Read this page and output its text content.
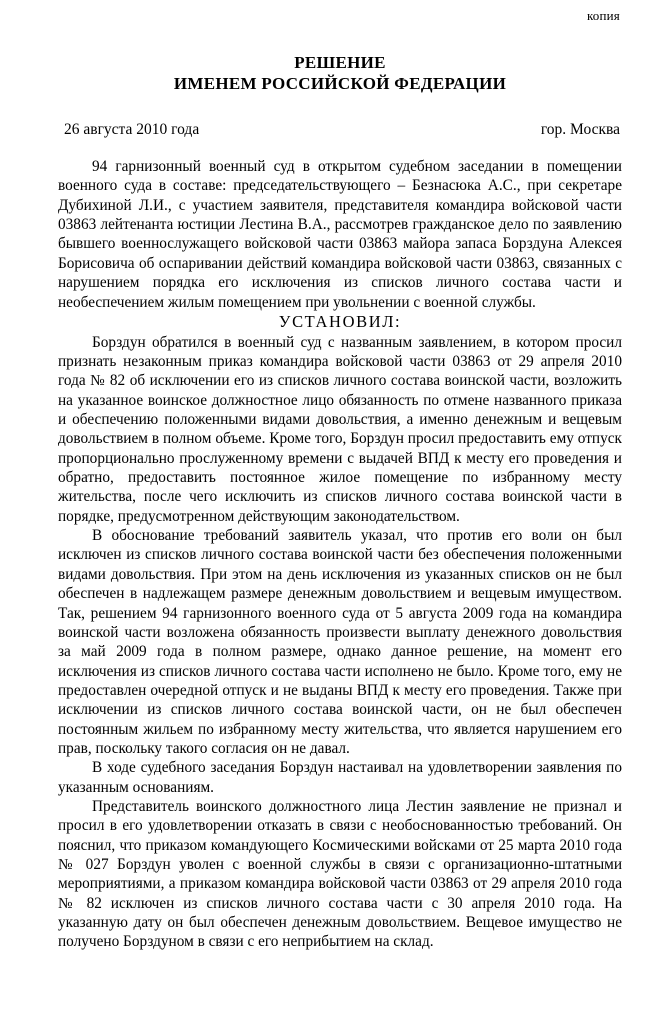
копия
РЕШЕНИЕ
ИМЕНЕМ РОССИЙСКОЙ ФЕДЕРАЦИИ
26 августа 2010 года	гор. Москва

94 гарнизонный военный суд в открытом судебном заседании в помещении военного суда в составе: председательствующего – Безнасюка А.С., при секретаре Дубихиной Л.И., с участием заявителя, представителя командира войсковой части 03863 лейтенанта юстиции Лестина В.А., рассмотрев гражданское дело по заявлению бывшего военнослужащего войсковой части 03863 майора запаса Борздуна Алексея Борисовича об оспаривании действий командира войсковой части 03863, связанных с нарушением порядка его исключения из списков личного состава части и необеспечением жилым помещением при увольнении с военной службы.

УСТАНОВИЛ:

Борздун обратился в военный суд с названным заявлением, в котором просил признать незаконным приказ командира войсковой части 03863 от 29 апреля 2010 года № 82 об исключении его из списков личного состава воинской части, возложить на указанное воинское должностное лицо обязанность по отмене названного приказа и обеспечению положенными видами довольствия, а именно денежным и вещевым довольствием в полном объеме. Кроме того, Борздун просил предоставить ему отпуск пропорционально прослуженному времени с выдачей ВПД к месту его проведения и обратно, предоставить постоянное жилое помещение по избранному месту жительства, после чего исключить из списков личного состава воинской части в порядке, предусмотренном действующим законодательством.

В обоснование требований заявитель указал, что против его воли он был исключен из списков личного состава воинской части без обеспечения положенными видами довольствия. При этом на день исключения из указанных списков он не был обеспечен в надлежащем размере денежным довольствием и вещевым имуществом. Так, решением 94 гарнизонного военного суда от 5 августа 2009 года на командира воинской части возложена обязанность произвести выплату денежного довольствия за май 2009 года в полном размере, однако данное решение, на момент его исключения из списков личного состава части исполнено не было. Кроме того, ему не предоставлен очередной отпуск и не выданы ВПД к месту его проведения. Также при исключении из списков личного состава воинской части, он не был обеспечен постоянным жильем по избранному месту жительства, что является нарушением его прав, поскольку такого согласия он не давал.

В ходе судебного заседания Борздун настаивал на удовлетворении заявления по указанным основаниям.

Представитель воинского должностного лица Лестин заявление не признал и просил в его удовлетворении отказать в связи с необоснованностью требований. Он пояснил, что приказом командующего Космическими войсками от 25 марта 2010 года № 027 Борздун уволен с военной службы в связи с организационно-штатными мероприятиями, а приказом командира войсковой части 03863 от 29 апреля 2010 года № 82 исключен из списков личного состава части с 30 апреля 2010 года. На указанную дату он был обеспечен денежным довольствием. Вещевое имущество не получено Борздуном в связи с его неприбытием на склад.
